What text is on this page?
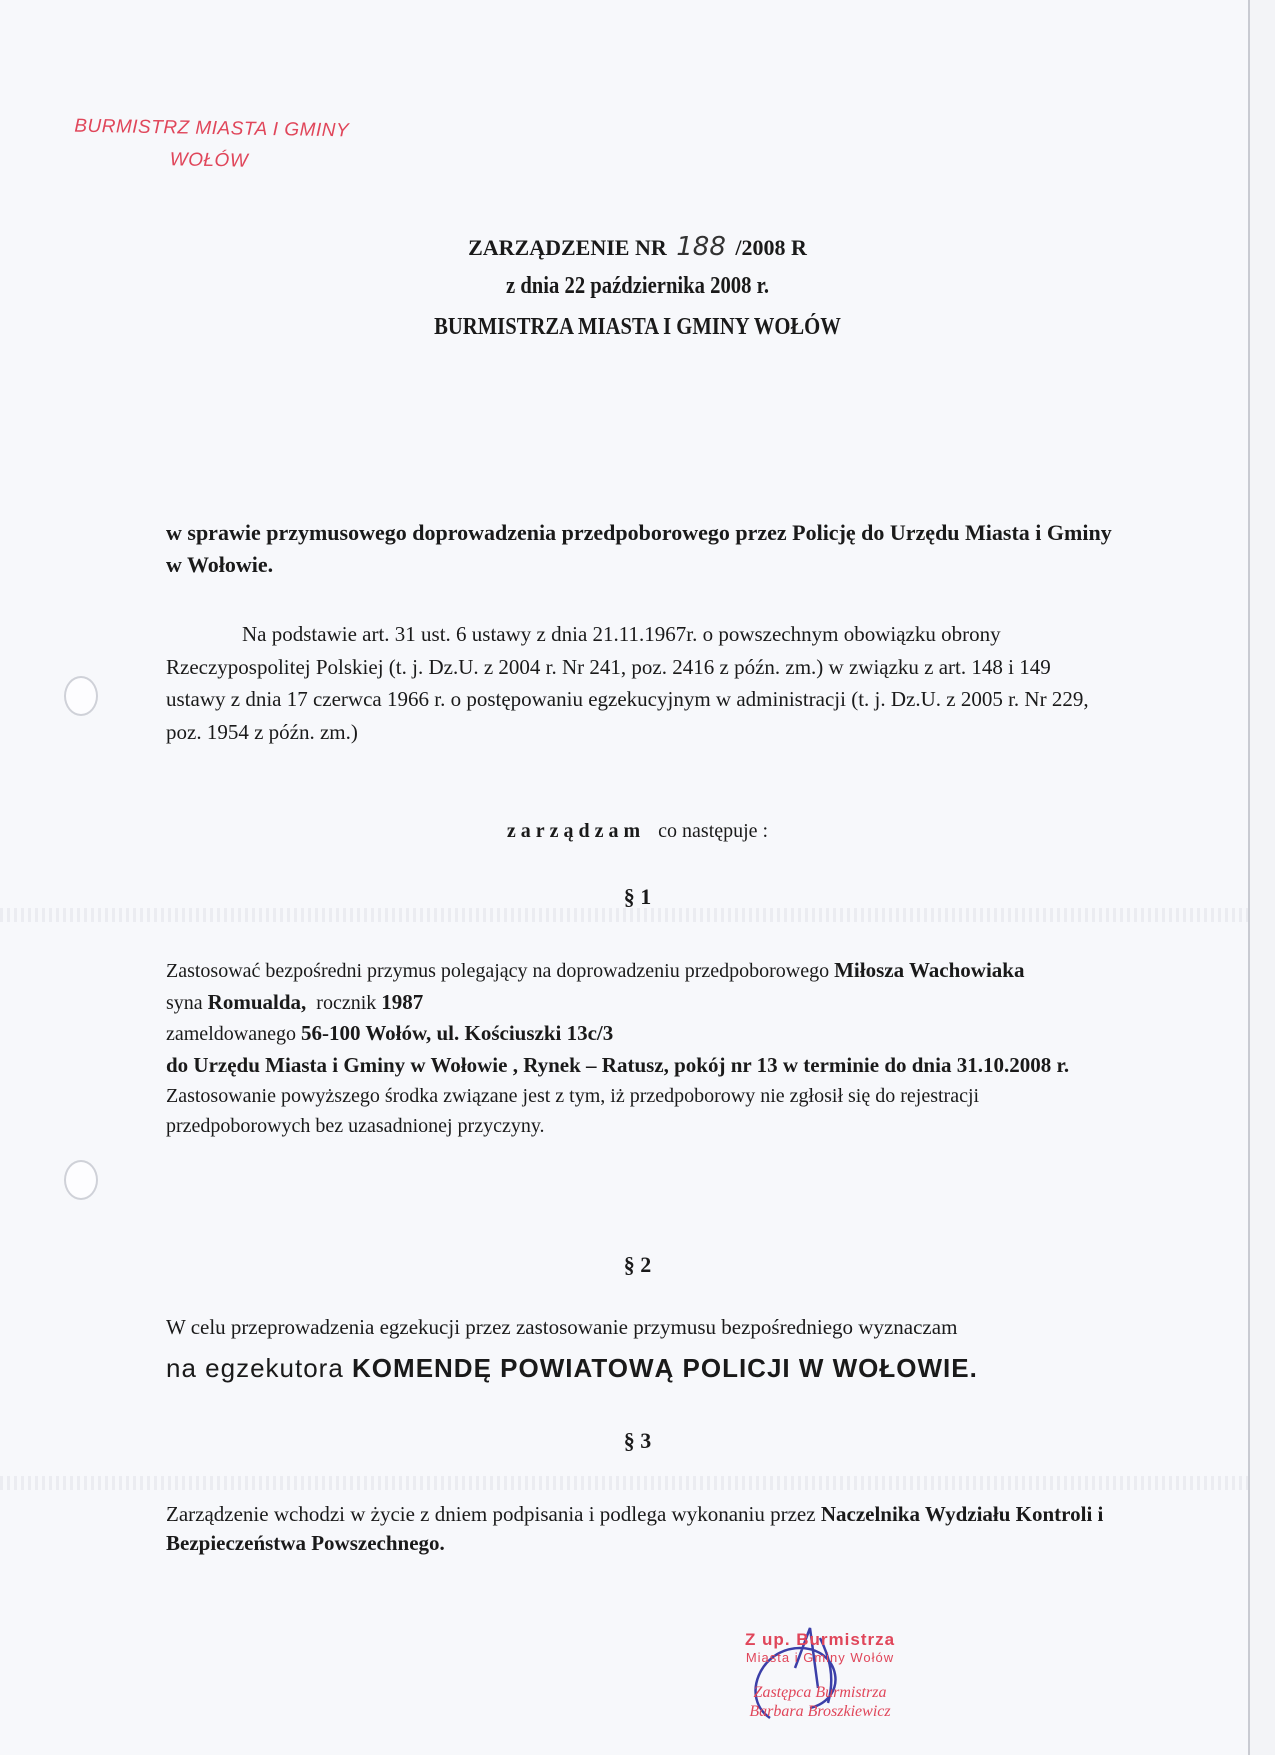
BURMISTRZ MIASTA I GMINY
WOŁÓW
ZARZĄDZENIE NR 188 /2008 R
z dnia 22 października 2008 r.
BURMISTRZA MIASTA I GMINY WOŁÓW
w sprawie przymusowego doprowadzenia przedpoborowego przez Policję do Urzędu Miasta i Gminy w Wołowie.
Na podstawie art. 31 ust. 6 ustawy z dnia 21.11.1967r. o powszechnym obowiązku obrony Rzeczypospolitej Polskiej (t. j. Dz.U. z 2004 r. Nr 241, poz. 2416 z późn. zm.) w związku z art. 148 i 149 ustawy z dnia 17 czerwca 1966 r. o postępowaniu egzekucyjnym w administracji (t. j. Dz.U. z 2005 r. Nr 229, poz. 1954 z późn. zm.)
zarządzam co następuje :
§ 1
Zastosować bezpośredni przymus polegający na doprowadzeniu przedpoborowego Miłosza Wachowiaka
syna Romualda, rocznik 1987
zameldowanego 56-100 Wołów, ul. Kościuszki 13c/3
do Urzędu Miasta i Gminy w Wołowie , Rynek – Ratusz, pokój nr 13 w terminie do dnia 31.10.2008 r.
Zastosowanie powyższego środka związane jest z tym, iż przedpoborowy nie zgłosił się do rejestracji przedpoborowych bez uzasadnionej przyczyny.
§ 2
W celu przeprowadzenia egzekucji przez zastosowanie przymusu bezpośredniego wyznaczam
na egzekutora KOMENDĘ POWIATOWĄ POLICJI W WOŁOWIE.
§ 3
Zarządzenie wchodzi w życie z dniem podpisania i podlega wykonaniu przez Naczelnika Wydziału Kontroli i Bezpieczeństwa Powszechnego.
Z up. Burmistrza
Miasta i Gminy Wołów
Zastępca Burmistrza
Barbara Broszkiewicz
